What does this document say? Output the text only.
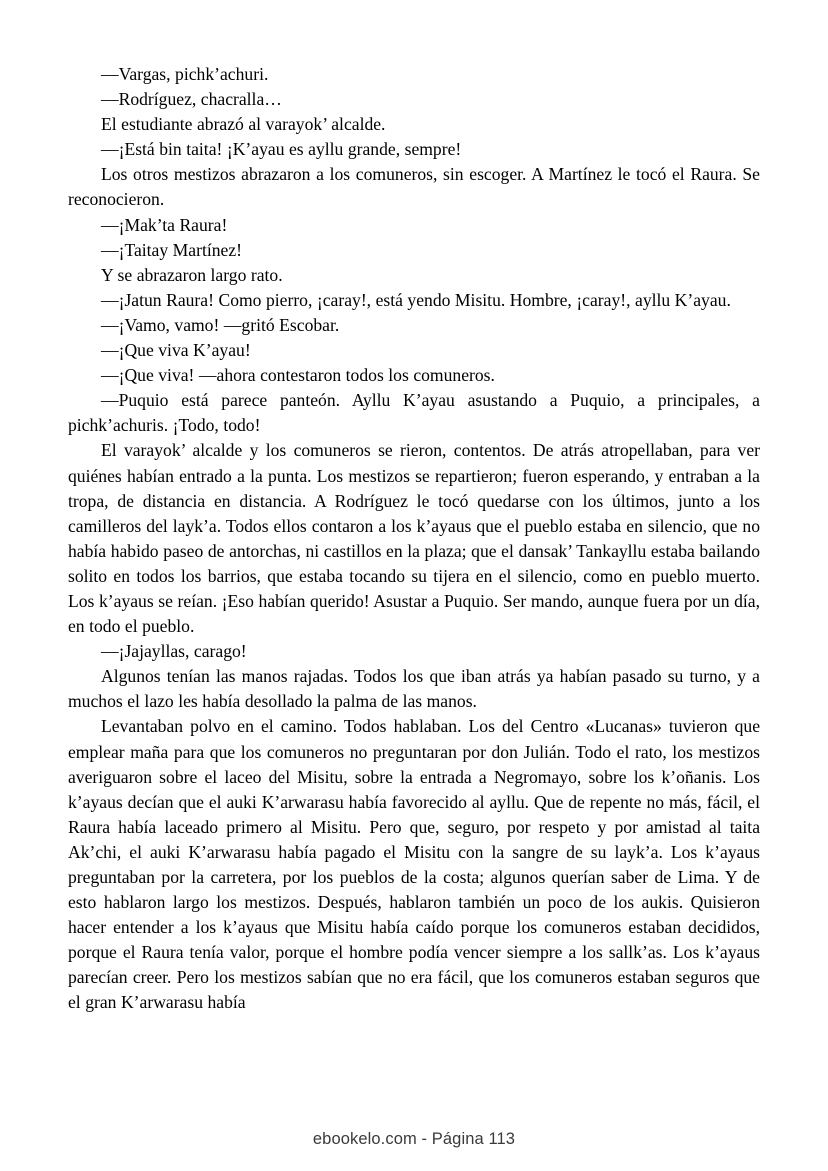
—Vargas, pichk’achuri.

—Rodríguez, chacralla…

El estudiante abrazó al varayok’ alcalde.

—¡Está bin taita! ¡K’ayau es ayllu grande, sempre!

Los otros mestizos abrazaron a los comuneros, sin escoger. A Martínez le tocó el Raura. Se reconocieron.

—¡Mak’ta Raura!

—¡Taitay Martínez!

Y se abrazaron largo rato.

—¡Jatun Raura! Como pierro, ¡caray!, está yendo Misitu. Hombre, ¡caray!, ayllu K’ayau.

—¡Vamo, vamo! —gritó Escobar.

—¡Que viva K’ayau!

—¡Que viva! —ahora contestaron todos los comuneros.

—Puquio está parece panteón. Ayllu K’ayau asustando a Puquio, a principales, a pichk’achuris. ¡Todo, todo!

El varayok’ alcalde y los comuneros se rieron, contentos. De atrás atropellaban, para ver quiénes habían entrado a la punta. Los mestizos se repartieron; fueron esperando, y entraban a la tropa, de distancia en distancia. A Rodríguez le tocó quedarse con los últimos, junto a los camilleros del layk’a. Todos ellos contaron a los k’ayaus que el pueblo estaba en silencio, que no había habido paseo de antorchas, ni castillos en la plaza; que el dansak’ Tankayllu estaba bailando solito en todos los barrios, que estaba tocando su tijera en el silencio, como en pueblo muerto. Los k’ayaus se reían. ¡Eso habían querido! Asustar a Puquio. Ser mando, aunque fuera por un día, en todo el pueblo.

—¡Jajayllas, carago!

Algunos tenían las manos rajadas. Todos los que iban atrás ya habían pasado su turno, y a muchos el lazo les había desollado la palma de las manos.

Levantaban polvo en el camino. Todos hablaban. Los del Centro «Lucanas» tuvieron que emplear maña para que los comuneros no preguntaran por don Julián. Todo el rato, los mestizos averiguaron sobre el laceo del Misitu, sobre la entrada a Negromayo, sobre los k’oñanis. Los k’ayaus decían que el auki K’arwarasu había favorecido al ayllu. Que de repente no más, fácil, el Raura había laceado primero al Misitu. Pero que, seguro, por respeto y por amistad al taita Ak’chi, el auki K’arwarasu había pagado el Misitu con la sangre de su layk’a. Los k’ayaus preguntaban por la carretera, por los pueblos de la costa; algunos querían saber de Lima. Y de esto hablaron largo los mestizos. Después, hablaron también un poco de los aukis. Quisieron hacer entender a los k’ayaus que Misitu había caído porque los comuneros estaban decididos, porque el Raura tenía valor, porque el hombre podía vencer siempre a los sallk’as. Los k’ayaus parecían creer. Pero los mestizos sabían que no era fácil, que los comuneros estaban seguros que el gran K’arwarasu había

ebookelo.com - Página 113
